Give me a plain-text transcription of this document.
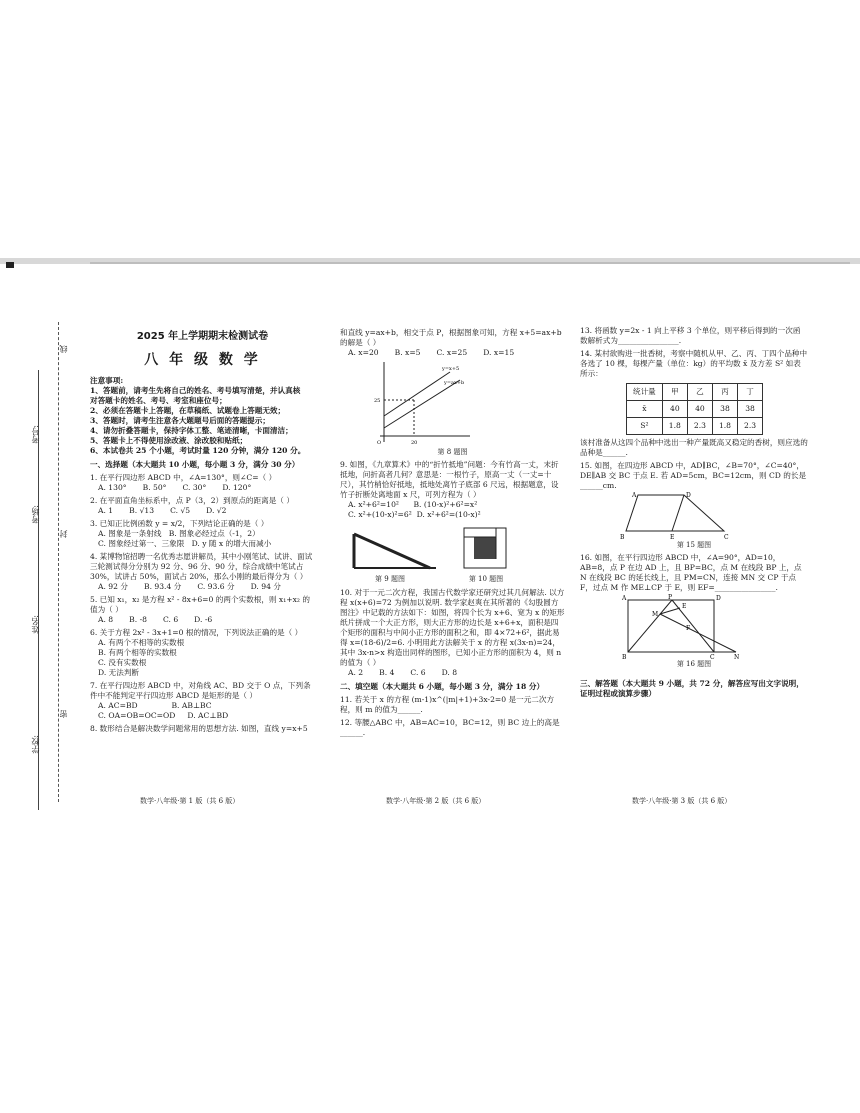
考号:
考场:
姓名:
学校:
线
封
密
2025 年上学期期末检测试卷
八 年 级 数 学
注意事项:
1、答题前，请考生先将自己的姓名、考号填写清楚，并认真核
对答题卡的姓名、考号、考室和座位号；
2、必须在答题卡上答题，在草稿纸、试题卷上答题无效；
3、答题时，请考生注意各大题题号后面的答题提示；
4、请勿折叠答题卡，保持字体工整、笔迹清晰，卡面清洁；
5、答题卡上不得使用涂改液、涂改胶和贴纸；
6、本试卷共 25 个小题，考试时量 120 分钟，满分 120 分。
一、选择题（本大题共 10 小题，每小题 3 分，满分 30 分）
1. 在平行四边形 ABCD 中，∠A=130°，则∠C=（ ）
A. 130° B. 50° C. 30° D. 120°
2. 在平面直角坐标系中，点 P（3，2）到原点的距离是（ ）
A. 1 B. √13 C. √5 D. √2
3. 已知正比例函数 y = x/2，下列结论正确的是（ ）
A. 图象是一条射线 B. 图象必经过点（-1，2）
C. 图象经过第一、三象限 D. y 随 x 的增大而减小
4. 某博物馆招聘一名优秀志愿讲解员，其中小刚笔试、试讲、面试三轮测试得分分别为 92 分、96 分、90 分，综合成绩中笔试占 30%，试讲占 50%，面试占 20%，那么小刚的最后得分为（ ）
A. 92 分 B. 93.4 分 C. 93.6 分 D. 94 分
5. 已知 x₁，x₂ 是方程 x² - 8x+6=0 的两个实数根，则 x₁+x₂ 的值为（ ）
A. 8 B. -8 C. 6 D. -6
6. 关于方程 2x² - 3x+1=0 根的情况，下列说法正确的是（ ）
A. 有两个不相等的实数根
B. 有两个相等的实数根
C. 没有实数根
D. 无法判断
7. 在平行四边形 ABCD 中，对角线 AC、BD 交于 O 点，下列条件中不能判定平行四边形 ABCD 是矩形的是（ ）
A. AC=BD	B. AB⊥BC
C. OA=OB=OC=OD D. AC⊥BD
8. 数形结合是解决数学问题常用的思想方法. 如图，直线 y=x+5
和直线 y=ax+b，相交于点 P，根据图象可知，方程 x+5=ax+b 的解是（ ）
A. x=20 B. x=5 C. x=25 D. x=15
y=x+5
y=ax+b
25
20
O
第 8 题图
9. 如图，《九章算术》中的“折竹抵地”问题：今有竹高一丈，末折抵地，问折高者几何？意思是：一根竹子，原高一丈（一丈=十尺），其竹梢恰好抵地，抵地处离竹子底部 6 尺远，根据题意，设竹子折断处离地面 x 尺，可列方程为（ ）
A. x²+6²=10² B. (10-x)²+6²=x²
C. x²+(10-x)²=6² D. x²+6²=(10-x)²
第 9 题图	第 10 题图
10. 对于一元二次方程，我国古代数学家还研究过其几何解法. 以方程 x(x+6)=72 为例加以说明. 数学家赵爽在其所著的《勾股圆方图注》中记载的方法如下：如图，将四个长为 x+6、宽为 x 的矩形纸片拼成一个大正方形，则大正方形的边长是 x+6+x，面积是四个矩形的面积与中间小正方形的面积之和，即 4×72+6²，据此易得 x=(18-6)/2=6. 小明用此方法解关于 x 的方程 x(3x-n)=24，其中 3x-n>x 构造出同样的图形，已知小正方形的面积为 4，则 n 的值为（ ）
A. 2 B. 4 C. 6 D. 8
二、填空题（本大题共 6 小题，每小题 3 分，满分 18 分）
11. 若关于 x 的方程 (m-1)x^(|m|+1)+3x-2=0 是一元二次方程，则 m 的值为______.
12. 等腰△ABC 中，AB=AC=10，BC=12，则 BC 边上的高是______.
13. 将函数 y=2x - 1 向上平移 3 个单位，则平移后得到的一次函数解析式为________________.
14. 某村欲购进一批香树，考察中随机从甲、乙、丙、丁四个品种中各选了 10 棵，每棵产量（单位：kg）的平均数 x̄ 及方差 S² 如表所示：
统计量	甲	乙	丙	丁
x̄	40	40	38	38
S²	1.8	2.3	1.8	2.3
该村准备从这四个品种中选出一种产量既高又稳定的香树，则应选的品种是______.
15. 如图，在四边形 ABCD 中，AD∥BC，∠B=70°，∠C=40°，DE∥AB 交 BC 于点 E. 若 AD=5cm，BC=12cm，则 CD 的长是______cm.
A	D
B	E	C
第 15 题图
16. 如图，在平行四边形 ABCD 中，∠A=90°，AD=10，AB=8，点 P 在边 AD 上，且 BP=BC，点 M 在线段 BP 上，点 N 在线段 BC 的延长线上，且 PM=CN，连接 MN 交 CP 于点 F，过点 M 作 ME⊥CP 于 E，则 EF=________________.
A	P	D
E
M
F
B	C	N
第 16 题图
三、解答题（本大题共 9 小题，共 72 分，解答应写出文字说明，证明过程或演算步骤）
数学·八年级·第 1 版（共 6 版）	数学·八年级·第 2 版（共 6 版）	数学·八年级·第 3 版（共 6 版）
